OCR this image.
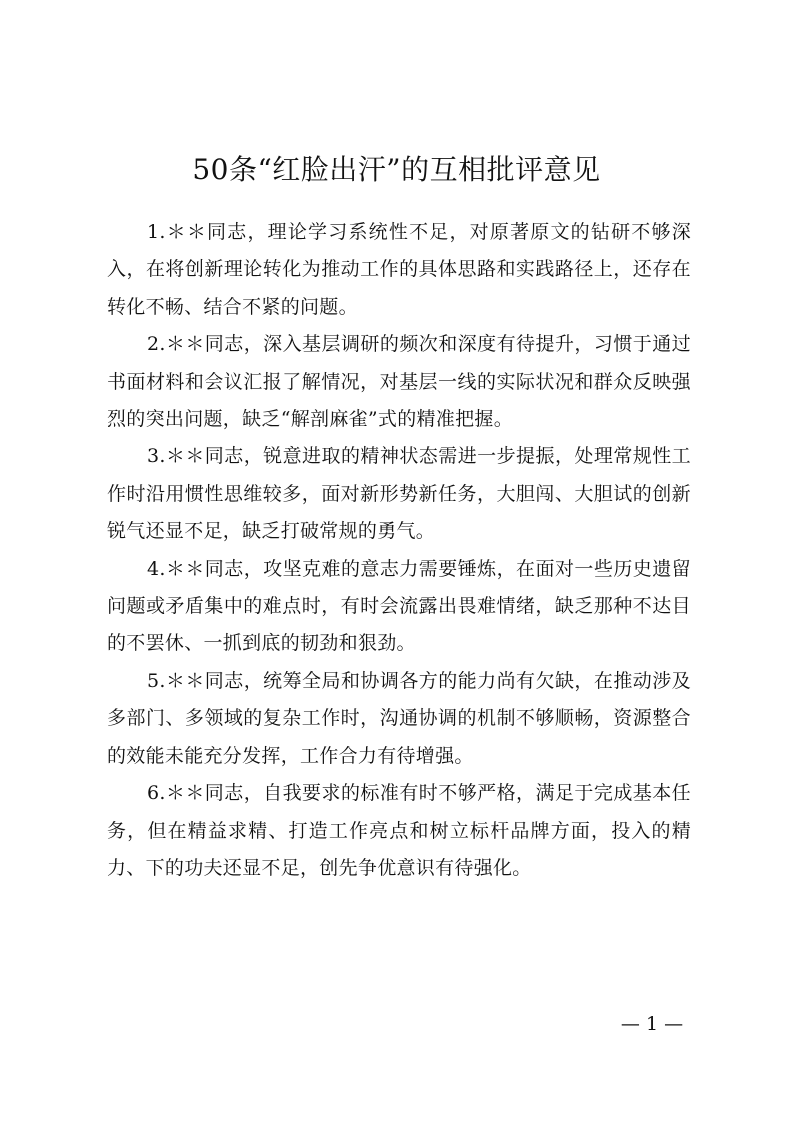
50条“红脸出汗”的互相批评意见

1.＊＊同志，理论学习系统性不足，对原著原文的钻研不够深入，在将创新理论转化为推动工作的具体思路和实践路径上，还存在转化不畅、结合不紧的问题。

2.＊＊同志，深入基层调研的频次和深度有待提升，习惯于通过书面材料和会议汇报了解情况，对基层一线的实际状况和群众反映强烈的突出问题，缺乏“解剖麻雀”式的精准把握。

3.＊＊同志，锐意进取的精神状态需进一步提振，处理常规性工作时沿用惯性思维较多，面对新形势新任务，大胆闯、大胆试的创新锐气还显不足，缺乏打破常规的勇气。

4.＊＊同志，攻坚克难的意志力需要锤炼，在面对一些历史遗留问题或矛盾集中的难点时，有时会流露出畏难情绪，缺乏那种不达目的不罢休、一抓到底的韧劲和狠劲。

5.＊＊同志，统筹全局和协调各方的能力尚有欠缺，在推动涉及多部门、多领域的复杂工作时，沟通协调的机制不够顺畅，资源整合的效能未能充分发挥，工作合力有待增强。

6.＊＊同志，自我要求的标准有时不够严格，满足于完成基本任务，但在精益求精、打造工作亮点和树立标杆品牌方面，投入的精力、下的功夫还显不足，创先争优意识有待强化。

— 1 —
